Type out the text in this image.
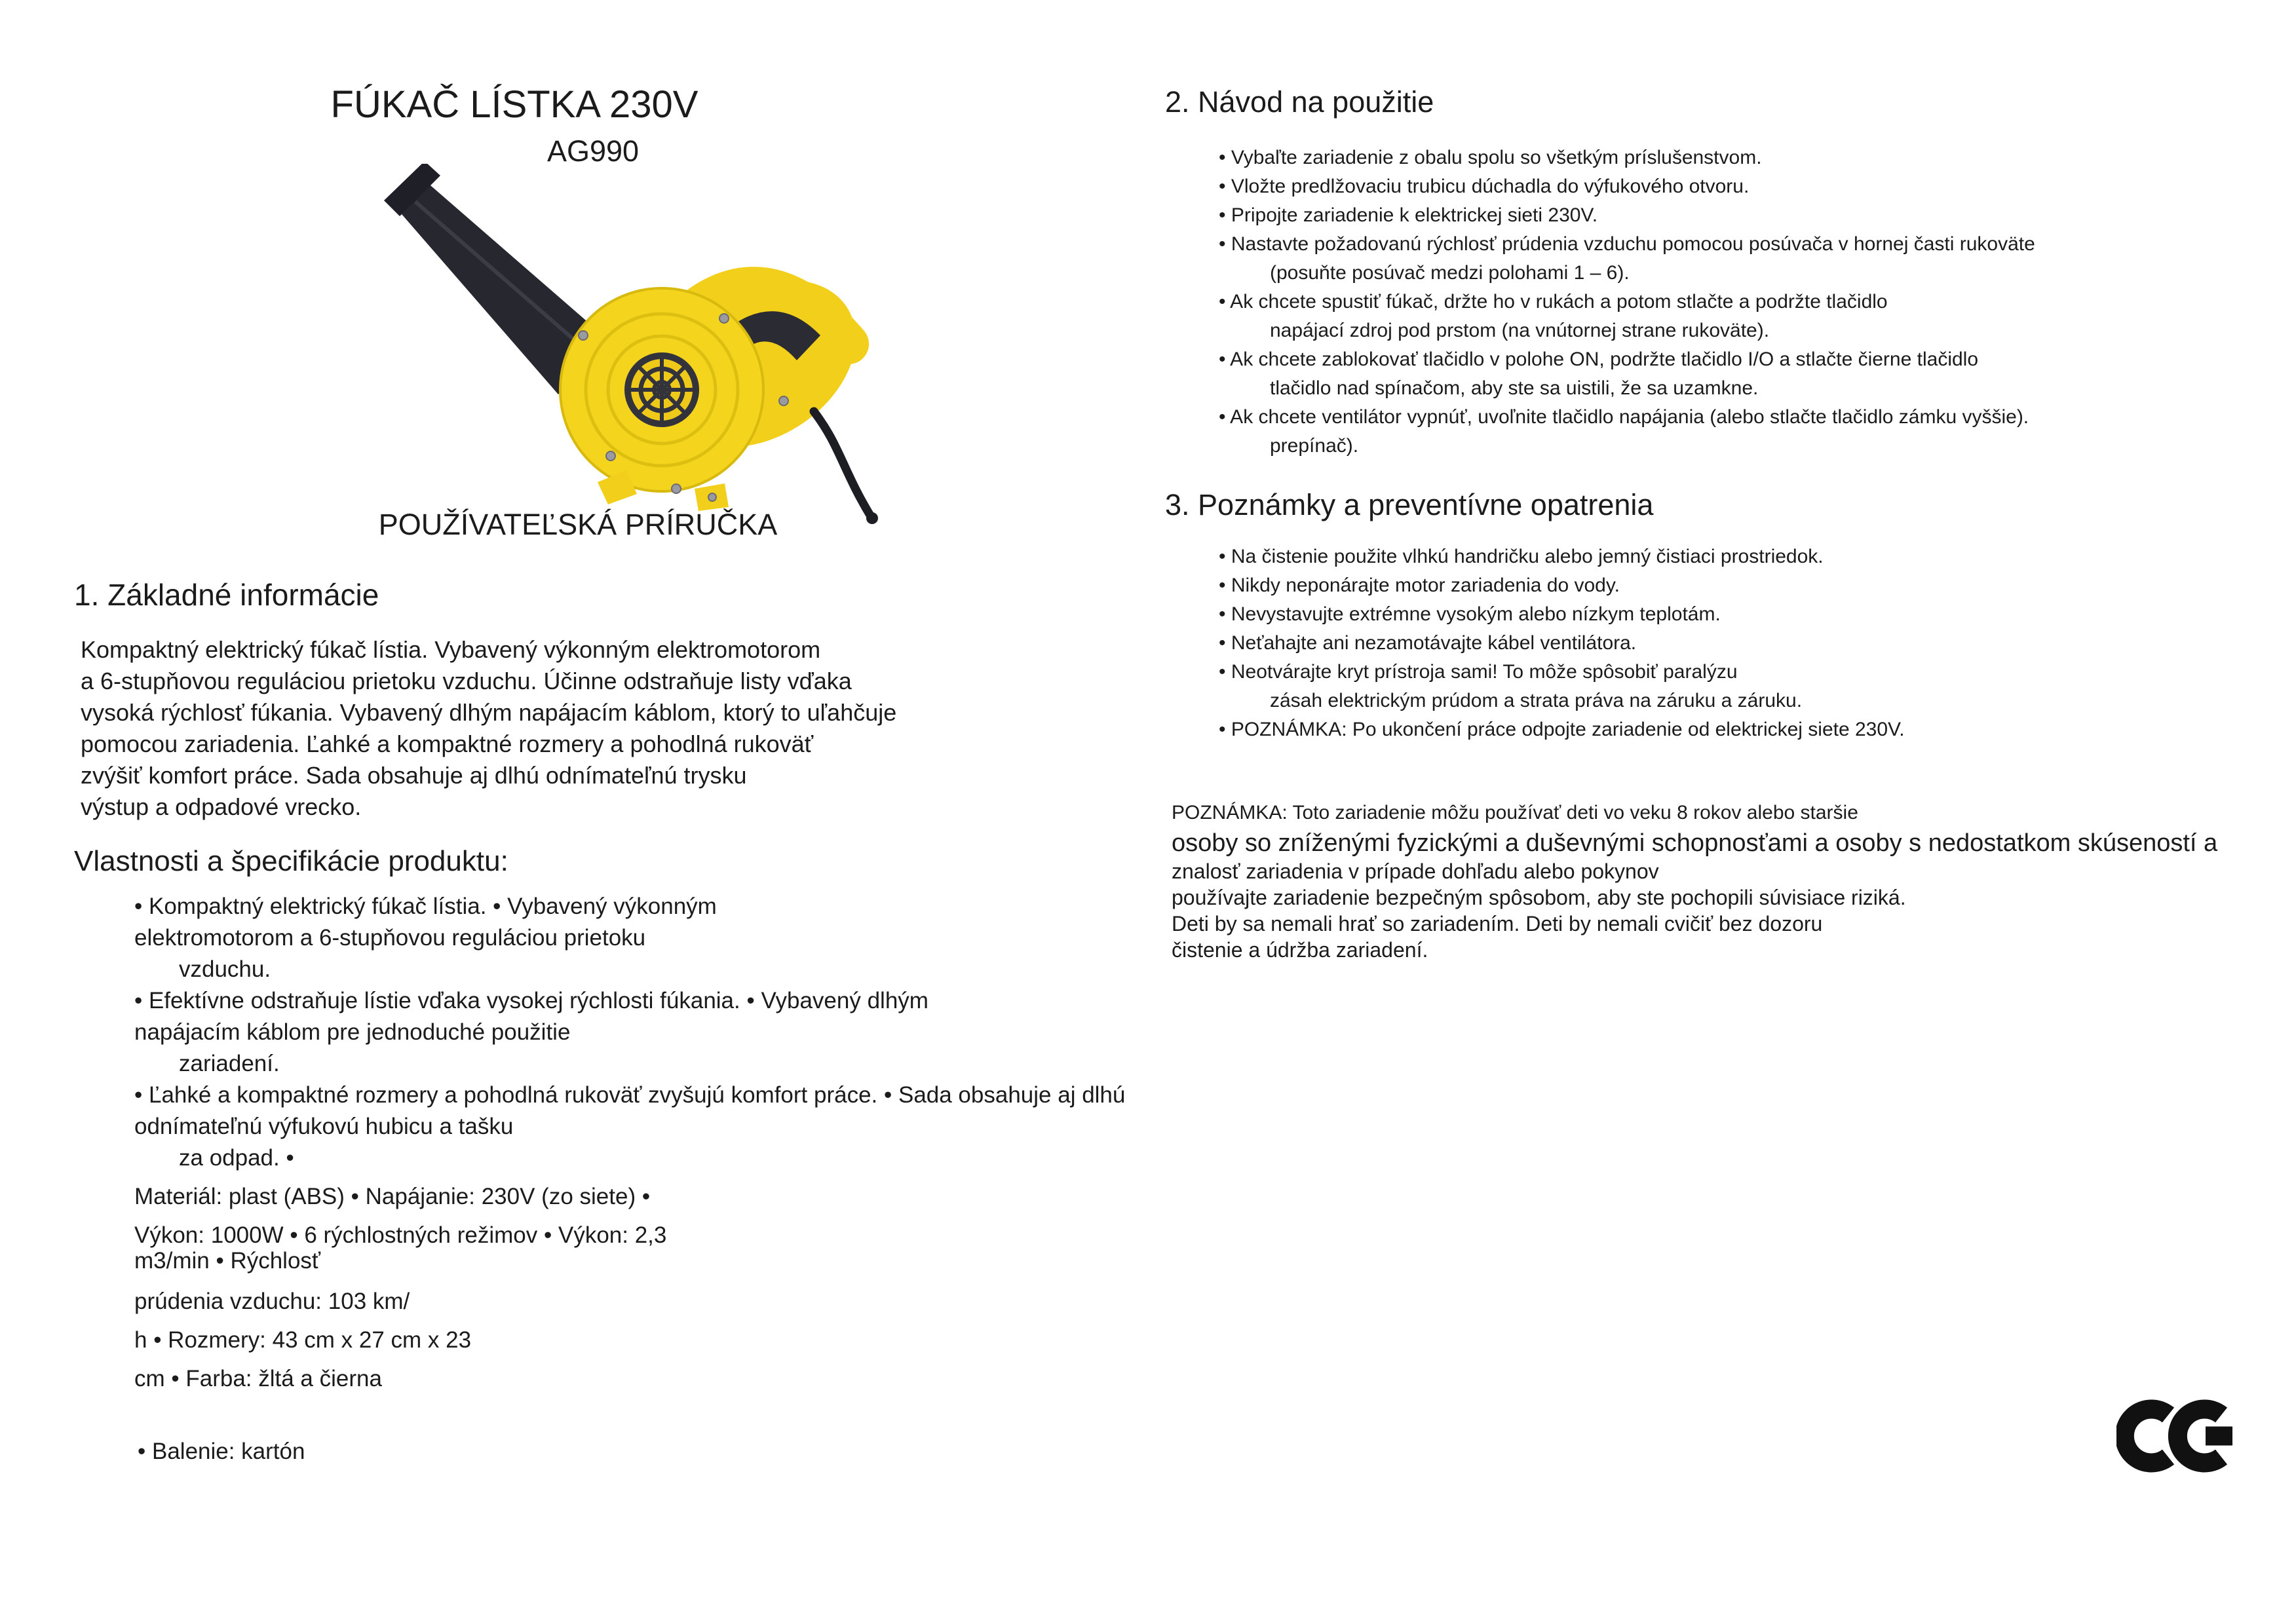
FÚKAČ LÍSTKA 230V
AG990
POUŽÍVATEĽSKÁ PRÍRUČKA
1. Základné informácie
Kompaktný elektrický fúkač lístia. Vybavený výkonným elektromotorom
a 6-stupňovou reguláciou prietoku vzduchu. Účinne odstraňuje listy vďaka
vysoká rýchlosť fúkania. Vybavený dlhým napájacím káblom, ktorý to uľahčuje
pomocou zariadenia. Ľahké a kompaktné rozmery a pohodlná rukoväť
zvýšiť komfort práce. Sada obsahuje aj dlhú odnímateľnú trysku
výstup a odpadové vrecko.
Vlastnosti a špecifikácie produktu:
• Kompaktný elektrický fúkač lístia. • Vybavený výkonným
elektromotorom a 6-stupňovou reguláciou prietoku
vzduchu.
• Efektívne odstraňuje lístie vďaka vysokej rýchlosti fúkania. • Vybavený dlhým
napájacím káblom pre jednoduché použitie
zariadení.
• Ľahké a kompaktné rozmery a pohodlná rukoväť zvyšujú komfort práce. • Sada obsahuje aj dlhú
odnímateľnú výfukovú hubicu a tašku
za odpad. •
Materiál: plast (ABS) • Napájanie: 230V (zo siete) •
Výkon: 1000W • 6 rýchlostných režimov • Výkon: 2,3
m3/min • Rýchlosť
prúdenia vzduchu: 103 km/
h • Rozmery: 43 cm x 27 cm x 23
cm • Farba: žltá a čierna
• Balenie: kartón
2. Návod na použitie
• Vybaľte zariadenie z obalu spolu so všetkým príslušenstvom.
• Vložte predlžovaciu trubicu dúchadla do výfukového otvoru.
• Pripojte zariadenie k elektrickej sieti 230V.
• Nastavte požadovanú rýchlosť prúdenia vzduchu pomocou posúvača v hornej časti rukoväte
(posuňte posúvač medzi polohami 1 – 6).
• Ak chcete spustiť fúkač, držte ho v rukách a potom stlačte a podržte tlačidlo
napájací zdroj pod prstom (na vnútornej strane rukoväte).
• Ak chcete zablokovať tlačidlo v polohe ON, podržte tlačidlo I/O a stlačte čierne tlačidlo
tlačidlo nad spínačom, aby ste sa uistili, že sa uzamkne.
• Ak chcete ventilátor vypnúť, uvoľnite tlačidlo napájania (alebo stlačte tlačidlo zámku vyššie).
prepínač).
3. Poznámky a preventívne opatrenia
• Na čistenie použite vlhkú handričku alebo jemný čistiaci prostriedok.
• Nikdy neponárajte motor zariadenia do vody.
• Nevystavujte extrémne vysokým alebo nízkym teplotám.
• Neťahajte ani nezamotávajte kábel ventilátora.
• Neotvárajte kryt prístroja sami! To môže spôsobiť paralýzu
zásah elektrickým prúdom a strata práva na záruku a záruku.
• POZNÁMKA: Po ukončení práce odpojte zariadenie od elektrickej siete 230V.
POZNÁMKA: Toto zariadenie môžu používať deti vo veku 8 rokov alebo staršie
osoby so zníženými fyzickými a duševnými schopnosťami a osoby s nedostatkom skúseností a
znalosť zariadenia v prípade dohľadu alebo pokynov
používajte zariadenie bezpečným spôsobom, aby ste pochopili súvisiace riziká.
Deti by sa nemali hrať so zariadením. Deti by nemali cvičiť bez dozoru
čistenie a údržba zariadení.
